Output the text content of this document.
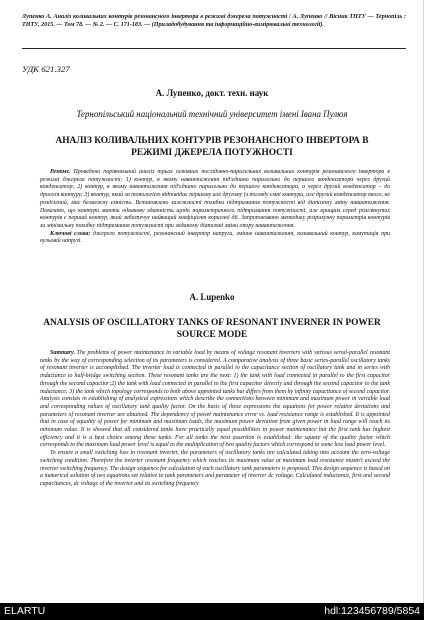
Лупенко А. Аналіз коливальних контурів резонансного інвертора в режимі джерела потужності / А. Лупенко // Вісник ТНТУ — Тернопіль : ТНТУ, 2015. — Том 78. — № 2. — С. 171-183. — (Приладобудування та інформаційно-вимірювальні технології).
УДК 621.327
А. Лупенко, докт. техн. наук
Тернопільський національний технічний університет імені Івана Пулюя
АНАЛІЗ КОЛИВАЛЬНИХ КОНТУРІВ РЕЗОНАНСНОГО ІНВЕРТОРА В РЕЖИМІ ДЖЕРЕЛА ПОТУЖНОСТІ

Резюме. Проведено порівняльний аналіз трьох основних послідовно-паралельних коливальних контурів резонансного інвертора в режимі джерела потужності: 1) контур, в якому навантаження під'єднано паралельно до першого конденсатора через другий конденсатор; 2) контур, в якому навантаження під'єднано паралельно до першого конденсатора, а через другий конденсатор – до дроселя контуру; 3) контур, який за топологією відповідає першому але другому (з погляду ємні контури, але другий конденсатор якого, не розділений, має безмежну ємність. Встановлено залежності похибки підтримання потужності від діапазону зміну навантаження. Показано, що контури мають однакову здатність щодо параметричного підтримання потужності, але кращим серед розглянутих контурів є перший контур, який забезпечує найвищий коефіцієнт корисної дії. Запропоновано методику розрахунку параметрів контурів за мінімальну похибку підтримання потужності при заданому діапазоні зміни опору навантаження.

Ключові слова: джерело потужності, резонансний інвертор напруги, змінне навантаження, коливальний контур, комутація при нульовій напрузі.

A. Lupenko
ANALYSIS OF OSCILLATORY TANKS OF RESONANT INVERNER IN POWER SOURCE MODE

Summary. The problems of power maintenance in variable load by means of voltage resonant inverters with various serial-parallel resonant tanks by the way of corresponding selection of its parameters is considered. A comparative analysis of three basic series-parallel oscillatory tanks of resonant inverter is accomplished. The inverter load is connected in parallel to the capacitance section of oscillatory tank and in series with inductance to half-bridge switching section. These resonant tanks are the next: 1) the tank with load connected in parallel to the first capacitor through the second capacitor;2) the tank with load connected in parallel to the first capacitor directly and through the second capacitor to the tank inductance; 3) the tank which topology corresponds to both above appointed tanks but differs from them by infinity capacitance of second capacitor. Analysis consists in establishing of analytical expressions which describe the connections between minimum and maximum power in variable load and corresponding values of oscillatory tank quality factor. On the basis of these expressions the equations for power relative deviations and parameters of resonant inverter are obtained. The dependency of power maintenance error vs. load resistance range is established. It is appointed that in case of equality of power for minimum and maximum loads, the maximum power deviation from given power in load range will reach its minimum value. It is showed that all considered tanks have practically equal possibilities in power maintenance but the first tank has highest efficiency and it is a best choice among these tanks. For all tanks the next assertion is established: the square of the quality factor which corresponds to the maximum load power level is equal to the multiplication of two quality factors which correspond to some less load power level.

To ensure a small switching loss in resonant inverter, the parameters of oscillatory tanks are calculated taking into account the zero-voltage switching condition. Therefore the inverter resonant frequency which reaches its maximum value at maximum load resistance mustn't exceed the inverter switching frequency. The design sequence for calculation of each oscillatory tank parameters is proposed. This design sequence is based on a numerical solution of two equations set relative to tank parameters and parameter of inverter dc voltage. Calculated inductance, first and second capacitances, dc voltage of the inverter and its switching frequency

ELARTU	hdl:123456789/5854
